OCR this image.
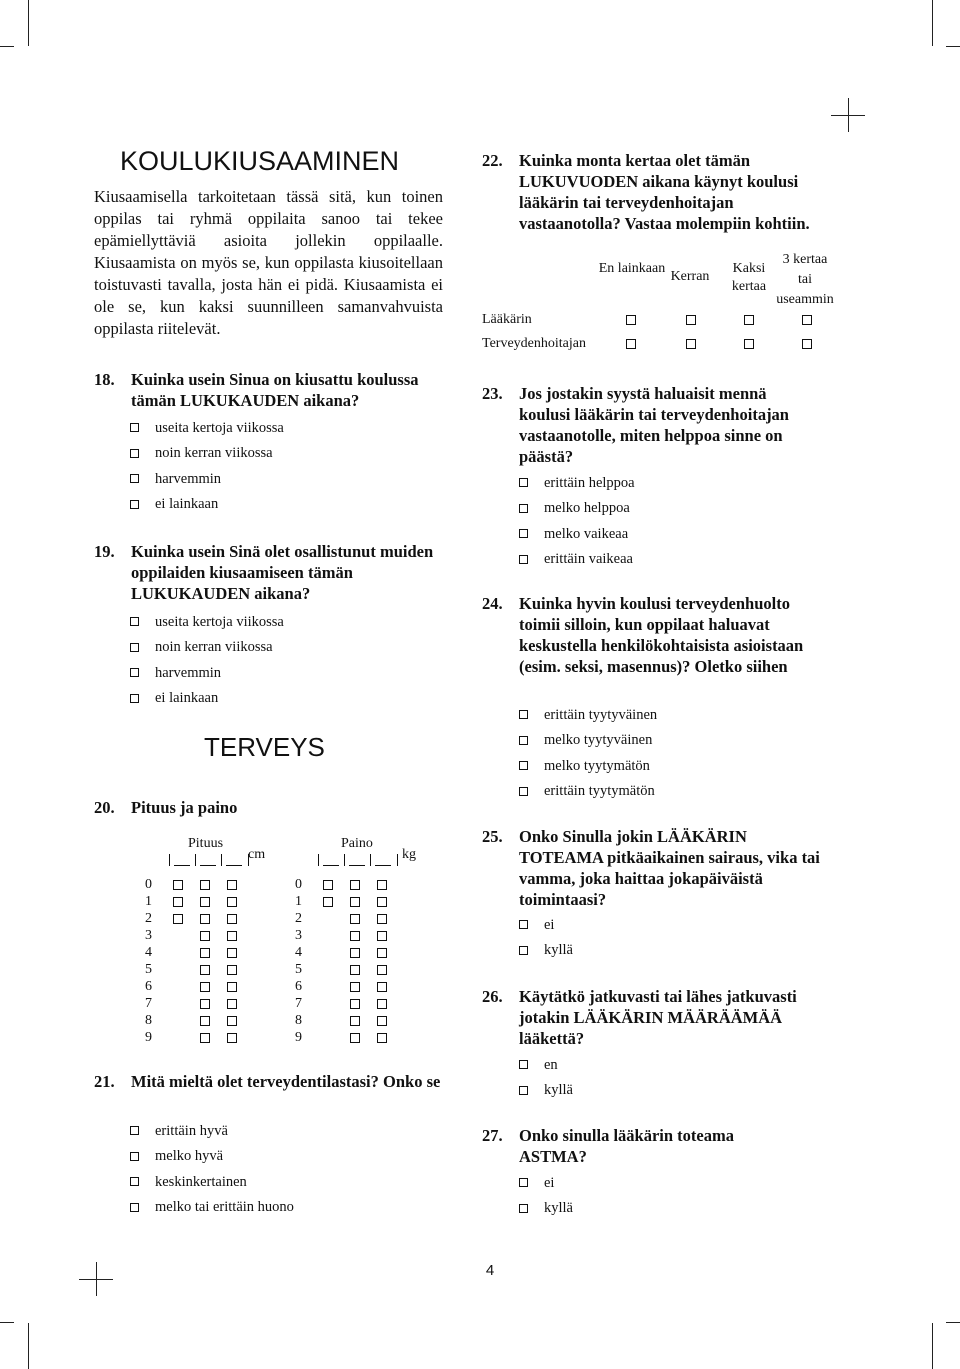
KOULUKIUSAAMINEN

Kiusaamisella tarkoitetaan tässä sitä, kun toinen oppilas tai ryhmä oppilaita sanoo tai tekee epämiellyttäviä asioita jollekin oppilaalle. Kiusaamista on myös se, kun oppilasta kiusoitellaan toistuvasti tavalla, josta hän ei pidä. Kiusaamista ei ole se, kun kaksi suunnilleen samanvahvuista oppilasta riitelevät.

18. Kuinka usein Sinua on kiusattu koulussa tämän LUKUKAUDEN aikana?
useita kertoja viikossa
noin kerran viikossa
harvemmin
ei lainkaan
19. Kuinka usein Sinä olet osallistunut muiden oppilaiden kiusaamiseen tämän LUKUKAUDEN aikana?
useita kertoja viikossa
noin kerran viikossa
harvemmin
ei lainkaan
TERVEYS
20. Pituus ja paino
Pituus
cm
0
1
2
3
4
5
6
7
8
9
Paino
kg
0
1
2
3
4
5
6
7
8
9
21. Mitä mieltä olet terveydentilastasi? Onko se
erittäin hyvä
melko hyvä
keskinkertainen
melko tai erittäin huono
22. Kuinka monta kertaa olet tämän LUKUVUODEN aikana käynyt koulusi lääkärin tai terveydenhoitajan vastaanotolla? Vastaa molempiin kohtiin.
En lainkaan
Kerran
Kaksi kertaa
3 kertaa tai useammin
Lääkärin
Terveydenhoitajan
23. Jos jostakin syystä haluaisit mennä koulusi lääkärin tai terveydenhoitajan vastaanotolle, miten helppoa sinne on päästä?
erittäin helppoa
melko helppoa
melko vaikeaa
erittäin vaikeaa
24. Kuinka hyvin koulusi terveydenhuolto toimii silloin, kun oppilaat haluavat keskustella henkilökohtaisista asioistaan (esim. seksi, masennus)? Oletko siihen
erittäin tyytyväinen
melko tyytyväinen
melko tyytymätön
erittäin tyytymätön
25. Onko Sinulla jokin LÄÄKÄRIN TOTEAMA pitkäaikainen sairaus, vika tai vamma, joka haittaa jokapäiväistä toimintaasi?
ei
kyllä
26. Käytätkö jatkuvasti tai lähes jatkuvasti jotakin LÄÄKÄRIN MÄÄRÄÄMÄÄ lääkettä?
en
kyllä
27. Onko sinulla lääkärin toteama ASTMA?
ei
kyllä
4
